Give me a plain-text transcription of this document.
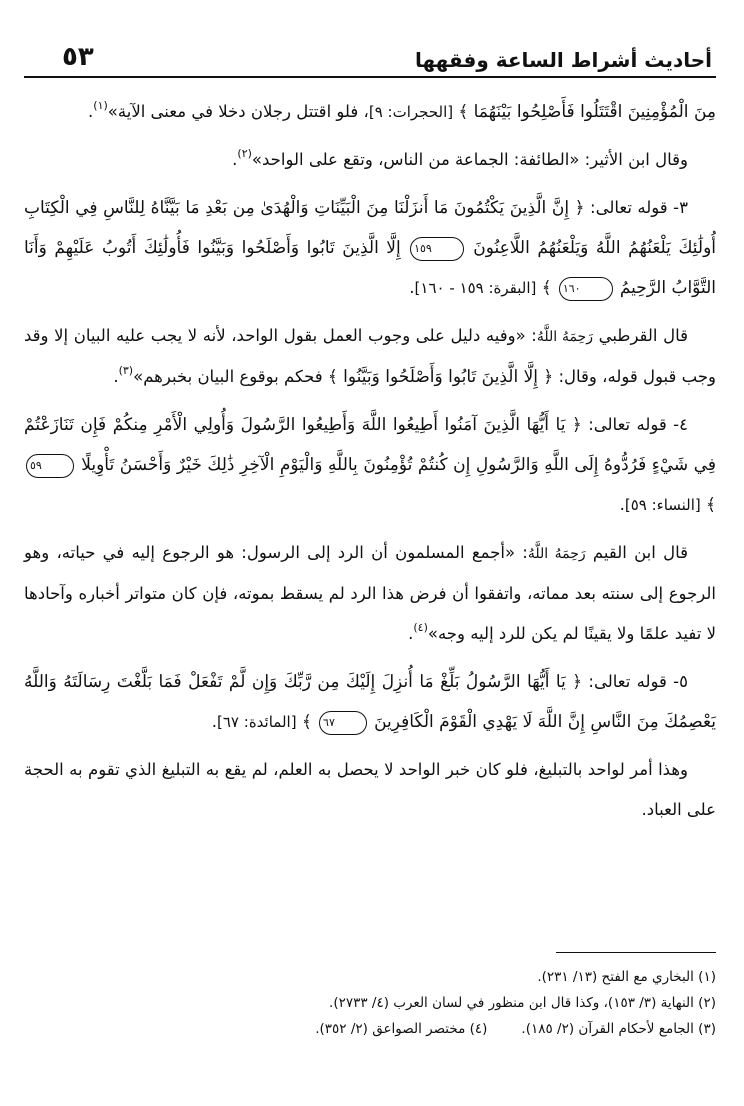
أحاديث أشراط الساعة وفقهها
٥٣

مِنَ الْمُؤْمِنِينَ اقْتَتَلُوا فَأَصْلِحُوا بَيْنَهُمَا ﴾ [الحجرات: ٩]، فلو اقتتل رجلان دخلا في معنى الآية»$^{(١)}$.

وقال ابن الأثير: «الطائفة: الجماعة من الناس، وتقع على الواحد»$^{(٢)}$.

٣- قوله تعالى: ﴿ إِنَّ الَّذِينَ يَكْتُمُونَ مَا أَنزَلْنَا مِنَ الْبَيِّنَاتِ وَالْهُدَىٰ مِن بَعْدِ مَا بَيَّنَّاهُ لِلنَّاسِ فِي الْكِتَابِ أُولَٰئِكَ يَلْعَنُهُمُ اللَّهُ وَيَلْعَنُهُمُ اللَّاعِنُونَ ١٥٩ إِلَّا الَّذِينَ تَابُوا وَأَصْلَحُوا وَبَيَّنُوا فَأُولَٰئِكَ أَتُوبُ عَلَيْهِمْ وَأَنَا التَّوَّابُ الرَّحِيمُ ١٦٠ ﴾ [البقرة: ١٥٩ - ١٦٠].

قال القرطبي رَحِمَهُ اللَّهُ: «وفيه دليل على وجوب العمل بقول الواحد، لأنه لا يجب عليه البيان إلا وقد وجب قبول قوله، وقال: ﴿ إِلَّا الَّذِينَ تَابُوا وَأَصْلَحُوا وَبَيَّنُوا ﴾ فحكم بوقوع البيان بخبرهم»$^{(٣)}$.

٤- قوله تعالى: ﴿ يَا أَيُّهَا الَّذِينَ آمَنُوا أَطِيعُوا اللَّهَ وَأَطِيعُوا الرَّسُولَ وَأُولِي الْأَمْرِ مِنكُمْ فَإِن تَنَازَعْتُمْ فِي شَيْءٍ فَرُدُّوهُ إِلَى اللَّهِ وَالرَّسُولِ إِن كُنتُمْ تُؤْمِنُونَ بِاللَّهِ وَالْيَوْمِ الْآخِرِ ذَٰلِكَ خَيْرٌ وَأَحْسَنُ تَأْوِيلًا ٥٩ ﴾ [النساء: ٥٩].

قال ابن القيم رَحِمَهُ اللَّهُ: «أجمع المسلمون أن الرد إلى الرسول: هو الرجوع إليه في حياته، وهو الرجوع إلى سنته بعد مماته، واتفقوا أن فرض هذا الرد لم يسقط بموته، فإن كان متواتر أخباره وآحادها لا تفيد علمًا ولا يقينًا لم يكن للرد إليه وجه»$^{(٤)}$.

٥- قوله تعالى: ﴿ يَا أَيُّهَا الرَّسُولُ بَلِّغْ مَا أُنزِلَ إِلَيْكَ مِن رَّبِّكَ وَإِن لَّمْ تَفْعَلْ فَمَا بَلَّغْتَ رِسَالَتَهُ وَاللَّهُ يَعْصِمُكَ مِنَ النَّاسِ إِنَّ اللَّهَ لَا يَهْدِي الْقَوْمَ الْكَافِرِينَ ٦٧ ﴾ [المائدة: ٦٧].

وهذا أمر لواحد بالتبليغ، فلو كان خبر الواحد لا يحصل به العلم، لم يقع به التبليغ الذي تقوم به الحجة على العباد.

(١) البخاري مع الفتح (١٣/ ٢٣١).
(٢) النهاية (٣/ ١٥٣)، وكذا قال ابن منظور في لسان العرب (٤/ ٢٧٣٣).
(٣) الجامع لأحكام القرآن (٢/ ١٨٥).
(٤) مختصر الصواعق (٢/ ٣٥٢).
